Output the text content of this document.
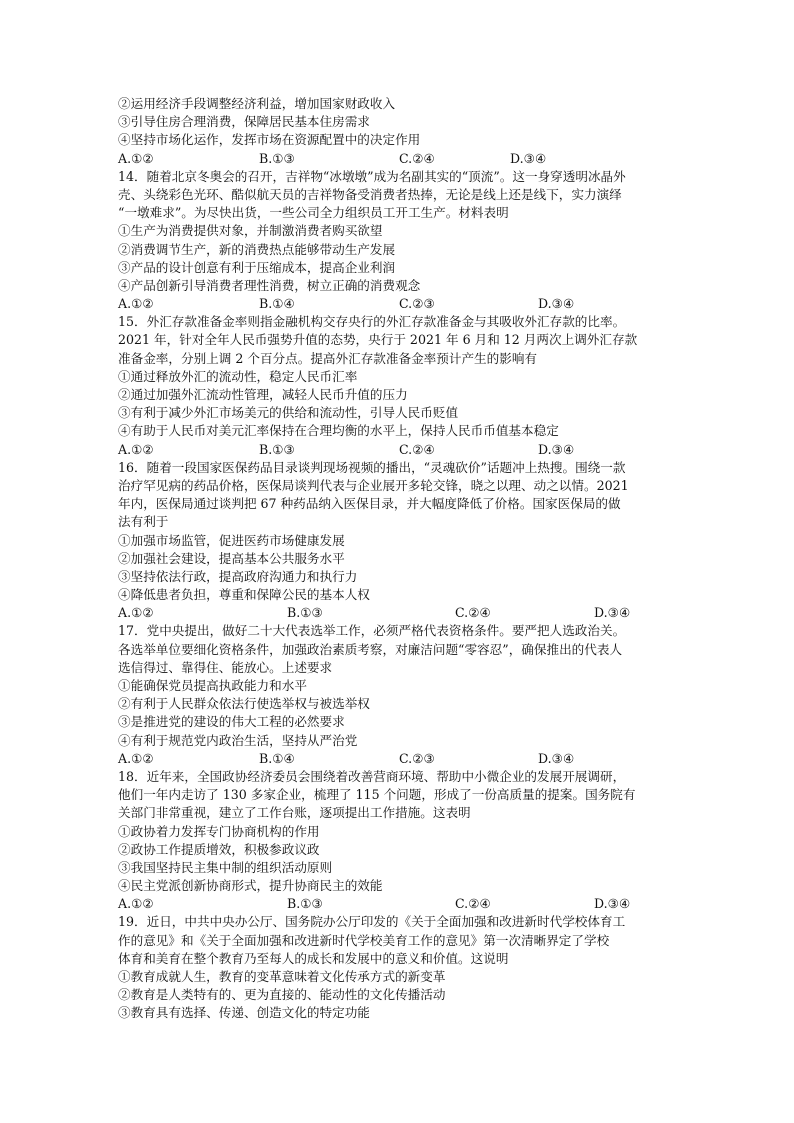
②运用经济手段调整经济利益，增加国家财政收入
③引导住房合理消费，保障居民基本住房需求
④坚持市场化运作，发挥市场在资源配置中的决定作用
A.①②	B.①③	C.②④	D.③④
14．随着北京冬奥会的召开，吉祥物“冰墩墩”成为名副其实的“顶流”。这一身穿透明冰晶外
壳、头绕彩色光环、酷似航天员的吉祥物备受消费者热捧，无论是线上还是线下，实力演绎
“一墩难求”。为尽快出货，一些公司全力组织员工开工生产。材料表明
①生产为消费提供对象，并制激消费者购买欲望
②消费调节生产，新的消费热点能够带动生产发展
③产品的设计创意有利于压缩成本，提高企业利润
④产品创新引导消费者理性消费，树立正确的消费观念
A.①②	B.①④	C.②③	D.③④
15．外汇存款准备金率则指金融机构交存央行的外汇存款准备金与其吸收外汇存款的比率。
2021 年，针对全年人民币强势升值的态势，央行于 2021 年 6 月和 12 月两次上调外汇存款
准备金率，分别上调 2 个百分点。提高外汇存款准备金率预计产生的影响有
①通过释放外汇的流动性，稳定人民币汇率
②通过加强外汇流动性管理，减轻人民币升值的压力
③有利于减少外汇市场美元的供给和流动性，引导人民币贬值
④有助于人民币对美元汇率保持在合理均衡的水平上，保持人民币币值基本稳定
A.①②	B.①③	C.②④	D.③④
16．随着一段国家医保药品目录谈判现场视频的播出，“灵魂砍价”话题冲上热搜。围绕一款
治疗罕见病的药品价格，医保局谈判代表与企业展开多轮交锋，晓之以理、动之以情。2021
年内，医保局通过谈判把 67 种药品纳入医保目录，并大幅度降低了价格。国家医保局的做
法有利于
①加强市场监管，促进医药市场健康发展
②加强社会建设，提高基本公共服务水平
③坚持依法行政，提高政府沟通力和执行力
④降低患者负担，尊重和保障公民的基本人权
A.①②	B.①③	C.②④	D.③④
17．党中央提出，做好二十大代表选举工作，必须严格代表资格条件。要严把人选政治关。
各选举单位要细化资格条件，加强政治素质考察，对廉洁问题“零容忍”，确保推出的代表人
选信得过、靠得住、能放心。上述要求
①能确保党员提高执政能力和水平
②有利于人民群众依法行使选举权与被选举权
③是推进党的建设的伟大工程的必然要求
④有利于规范党内政治生活，坚持从严治党
A.①②	B.①④	C.②③	D.③④
18．近年来，全国政协经济委员会围绕着改善营商环境、帮助中小微企业的发展开展调研，
他们一年内走访了 130 多家企业，梳理了 115 个问题，形成了一份高质量的提案。国务院有
关部门非常重视，建立了工作台账，逐项提出工作措施。这表明
①政协着力发挥专门协商机构的作用
②政协工作提质增效，积极参政议政
③我国坚持民主集中制的组织活动原则
④民主党派创新协商形式，提升协商民主的效能
A.①②	B.①③	C.②④	D.③④
19．近日，中共中央办公厅、国务院办公厅印发的《关于全面加强和改进新时代学校体育工
作的意见》和《关于全面加强和改进新时代学校美育工作的意见》第一次清晰界定了学校
体育和美育在整个教育乃至每人的成长和发展中的意义和价值。这说明
①教育成就人生，教育的变革意味着文化传承方式的新变革
②教育是人类特有的、更为直接的、能动性的文化传播活动
③教育具有选择、传递、创造文化的特定功能
